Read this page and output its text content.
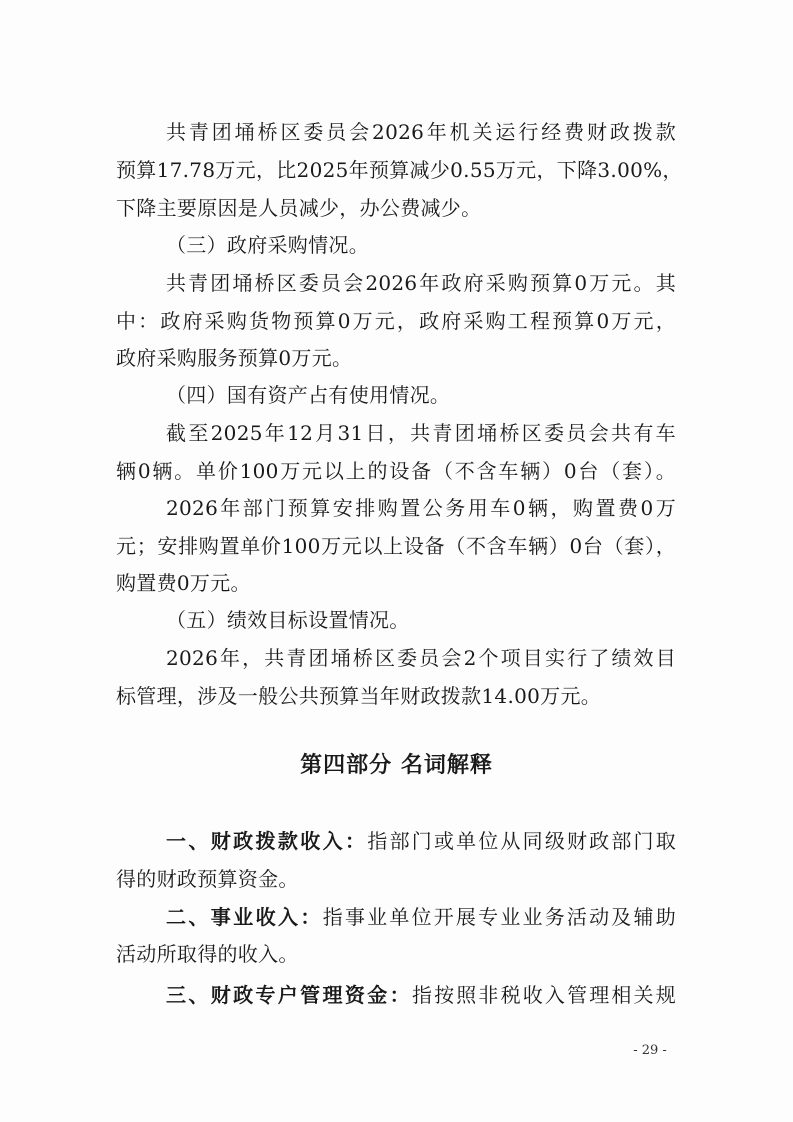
共青团埇桥区委员会2026年机关运行经费财政拨款
预算17.78万元，比2025年预算减少0.55万元，下降3.00%，
下降主要原因是人员减少，办公费减少。
（三）政府采购情况。
共青团埇桥区委员会2026年政府采购预算0万元。其
中：政府采购货物预算0万元，政府采购工程预算0万元，
政府采购服务预算0万元。
（四）国有资产占有使用情况。
截至2025年12月31日，共青团埇桥区委员会共有车
辆0辆。单价100万元以上的设备（不含车辆）0台（套）。
2026年部门预算安排购置公务用车0辆，购置费0万
元；安排购置单价100万元以上设备（不含车辆）0台（套），
购置费0万元。
（五）绩效目标设置情况。
2026年，共青团埇桥区委员会2个项目实行了绩效目
标管理，涉及一般公共预算当年财政拨款14.00万元。
第四部分 名词解释
一、财政拨款收入：指部门或单位从同级财政部门取
得的财政预算资金。
二、事业收入：指事业单位开展专业业务活动及辅助
活动所取得的收入。
三、财政专户管理资金：指按照非税收入管理相关规
- 29 -
